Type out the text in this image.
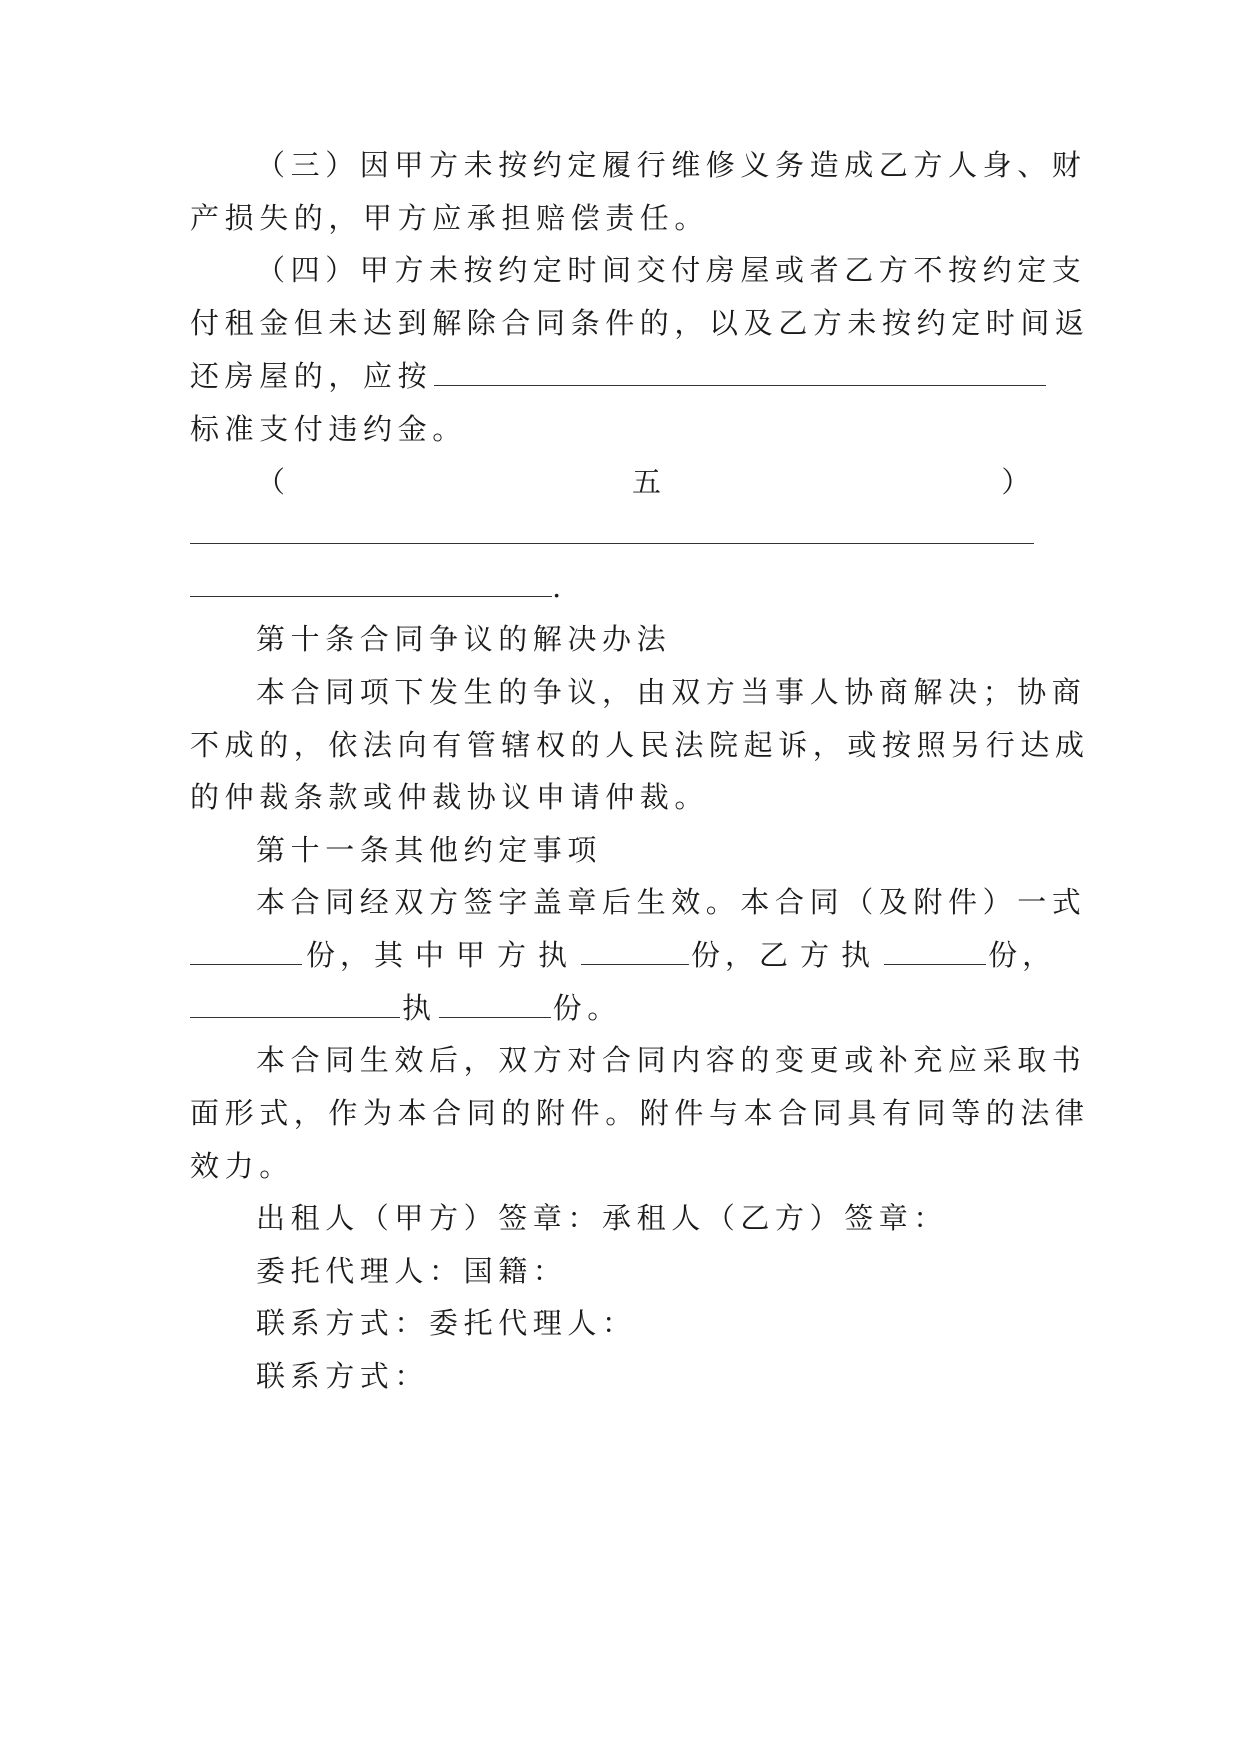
（三）因甲方未按约定履行维修义务造成乙方人身、财
产损失的，甲方应承担赔偿责任。
（四）甲方未按约定时间交付房屋或者乙方不按约定支
付租金但未达到解除合同条件的，以及乙方未按约定时间返
还房屋的，应按
标准支付违约金。
（	五	）
.
第十条合同争议的解决办法
本合同项下发生的争议，由双方当事人协商解决；协商
不成的，依法向有管辖权的人民法院起诉，或按照另行达成
的仲裁条款或仲裁协议申请仲裁。
第十一条其他约定事项
本合同经双方签字盖章后生效。本合同（及附件）一式
份， 其中甲方执	份， 乙方执	份，
执	份。
本合同生效后，双方对合同内容的变更或补充应采取书
面形式，作为本合同的附件。附件与本合同具有同等的法律
效力。
出租人（甲方）签章：承租人（乙方）签章：
委托代理人：国籍：
联系方式：委托代理人：
联系方式：
